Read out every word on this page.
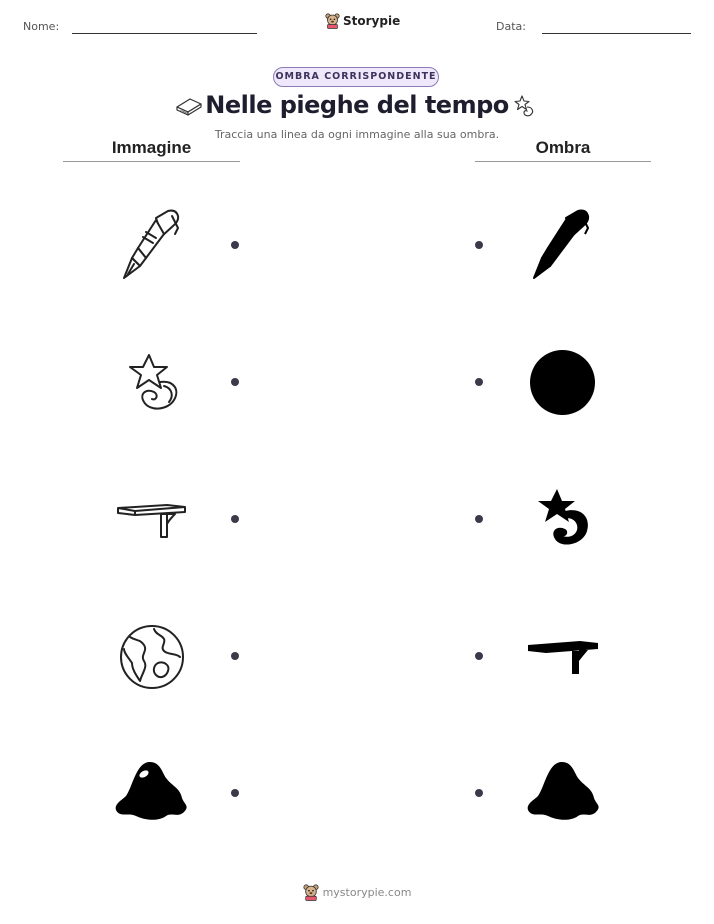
Nome:	Storypie	Data:
OMBRA CORRISPONDENTE
Nelle pieghe del tempo
Traccia una linea da ogni immagine alla sua ombra.
Immagine	Ombra
mystorypie.com
